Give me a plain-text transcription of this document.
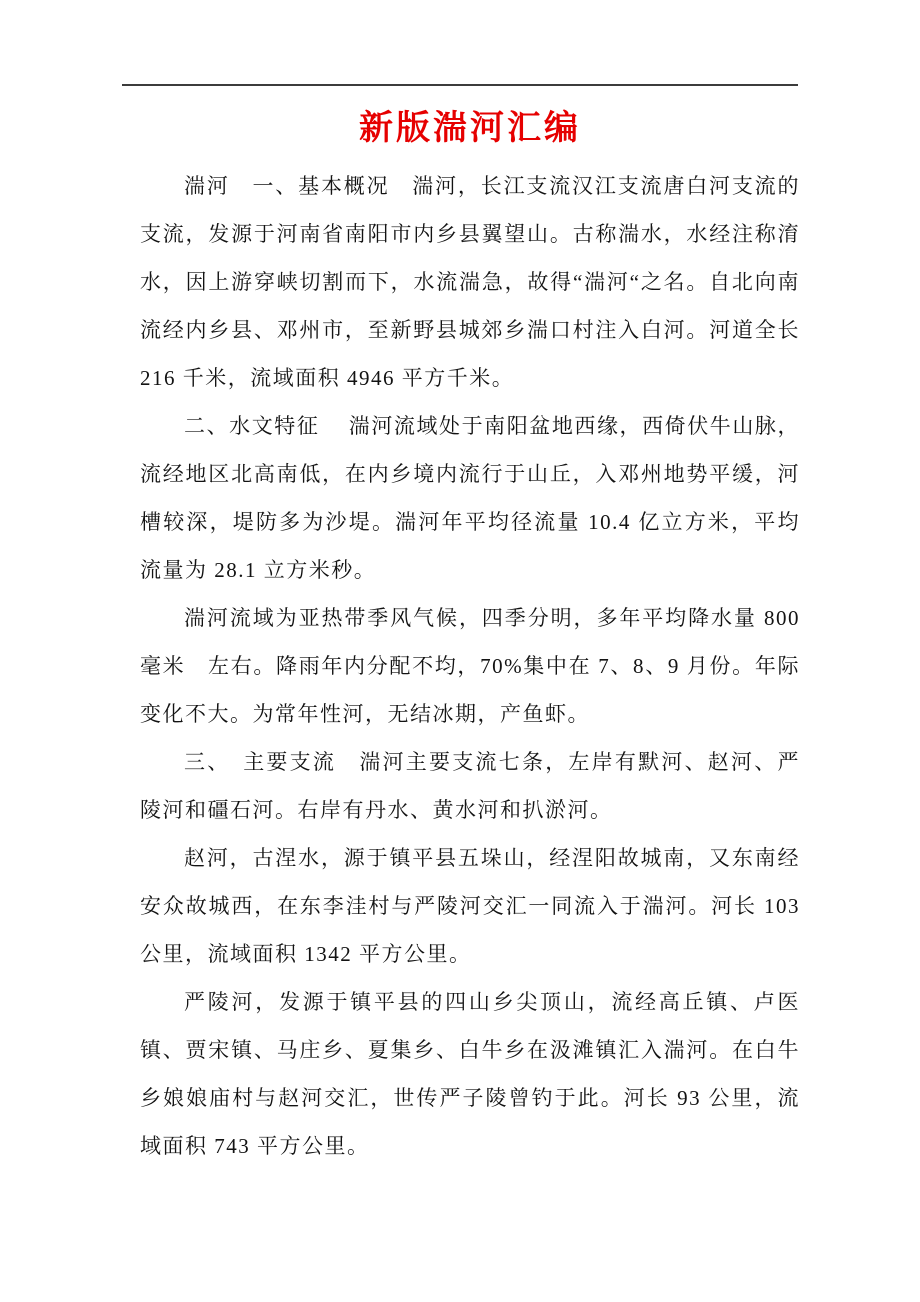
新版湍河汇编

湍河　一、基本概况　湍河，长江支流汉江支流唐白河支流的支流，发源于河南省南阳市内乡县翼望山。古称湍水，水经注称淯水，因上游穿峡切割而下，水流湍急，故得“湍河“之名。自北向南流经内乡县、邓州市，至新野县城郊乡湍口村注入白河。河道全长 216 千米，流域面积 4946 平方千米。

二、水文特征　 湍河流域处于南阳盆地西缘，西倚伏牛山脉，流经地区北高南低，在内乡境内流行于山丘，入邓州地势平缓，河槽较深，堤防多为沙堤。湍河年平均径流量 10.4 亿立方米，平均流量为 28.1 立方米秒。

湍河流域为亚热带季风气候，四季分明，多年平均降水量 800 毫米　左右。降雨年内分配不均，70%集中在 7、8、9 月份。年际变化不大。为常年性河，无结冰期，产鱼虾。

三、　主要支流　湍河主要支流七条，左岸有默河、赵河、严陵河和礓石河。右岸有丹水、黄水河和扒淤河。

赵河，古涅水，源于镇平县五垛山，经涅阳故城南，又东南经安众故城西，在东李洼村与严陵河交汇一同流入于湍河。河长 103 公里，流域面积 1342 平方公里。

严陵河，发源于镇平县的四山乡尖顶山，流经高丘镇、卢医镇、贾宋镇、马庄乡、夏集乡、白牛乡在汲滩镇汇入湍河。在白牛乡娘娘庙村与赵河交汇，世传严子陵曾钓于此。河长 93 公里，流域面积 743 平方公里。
